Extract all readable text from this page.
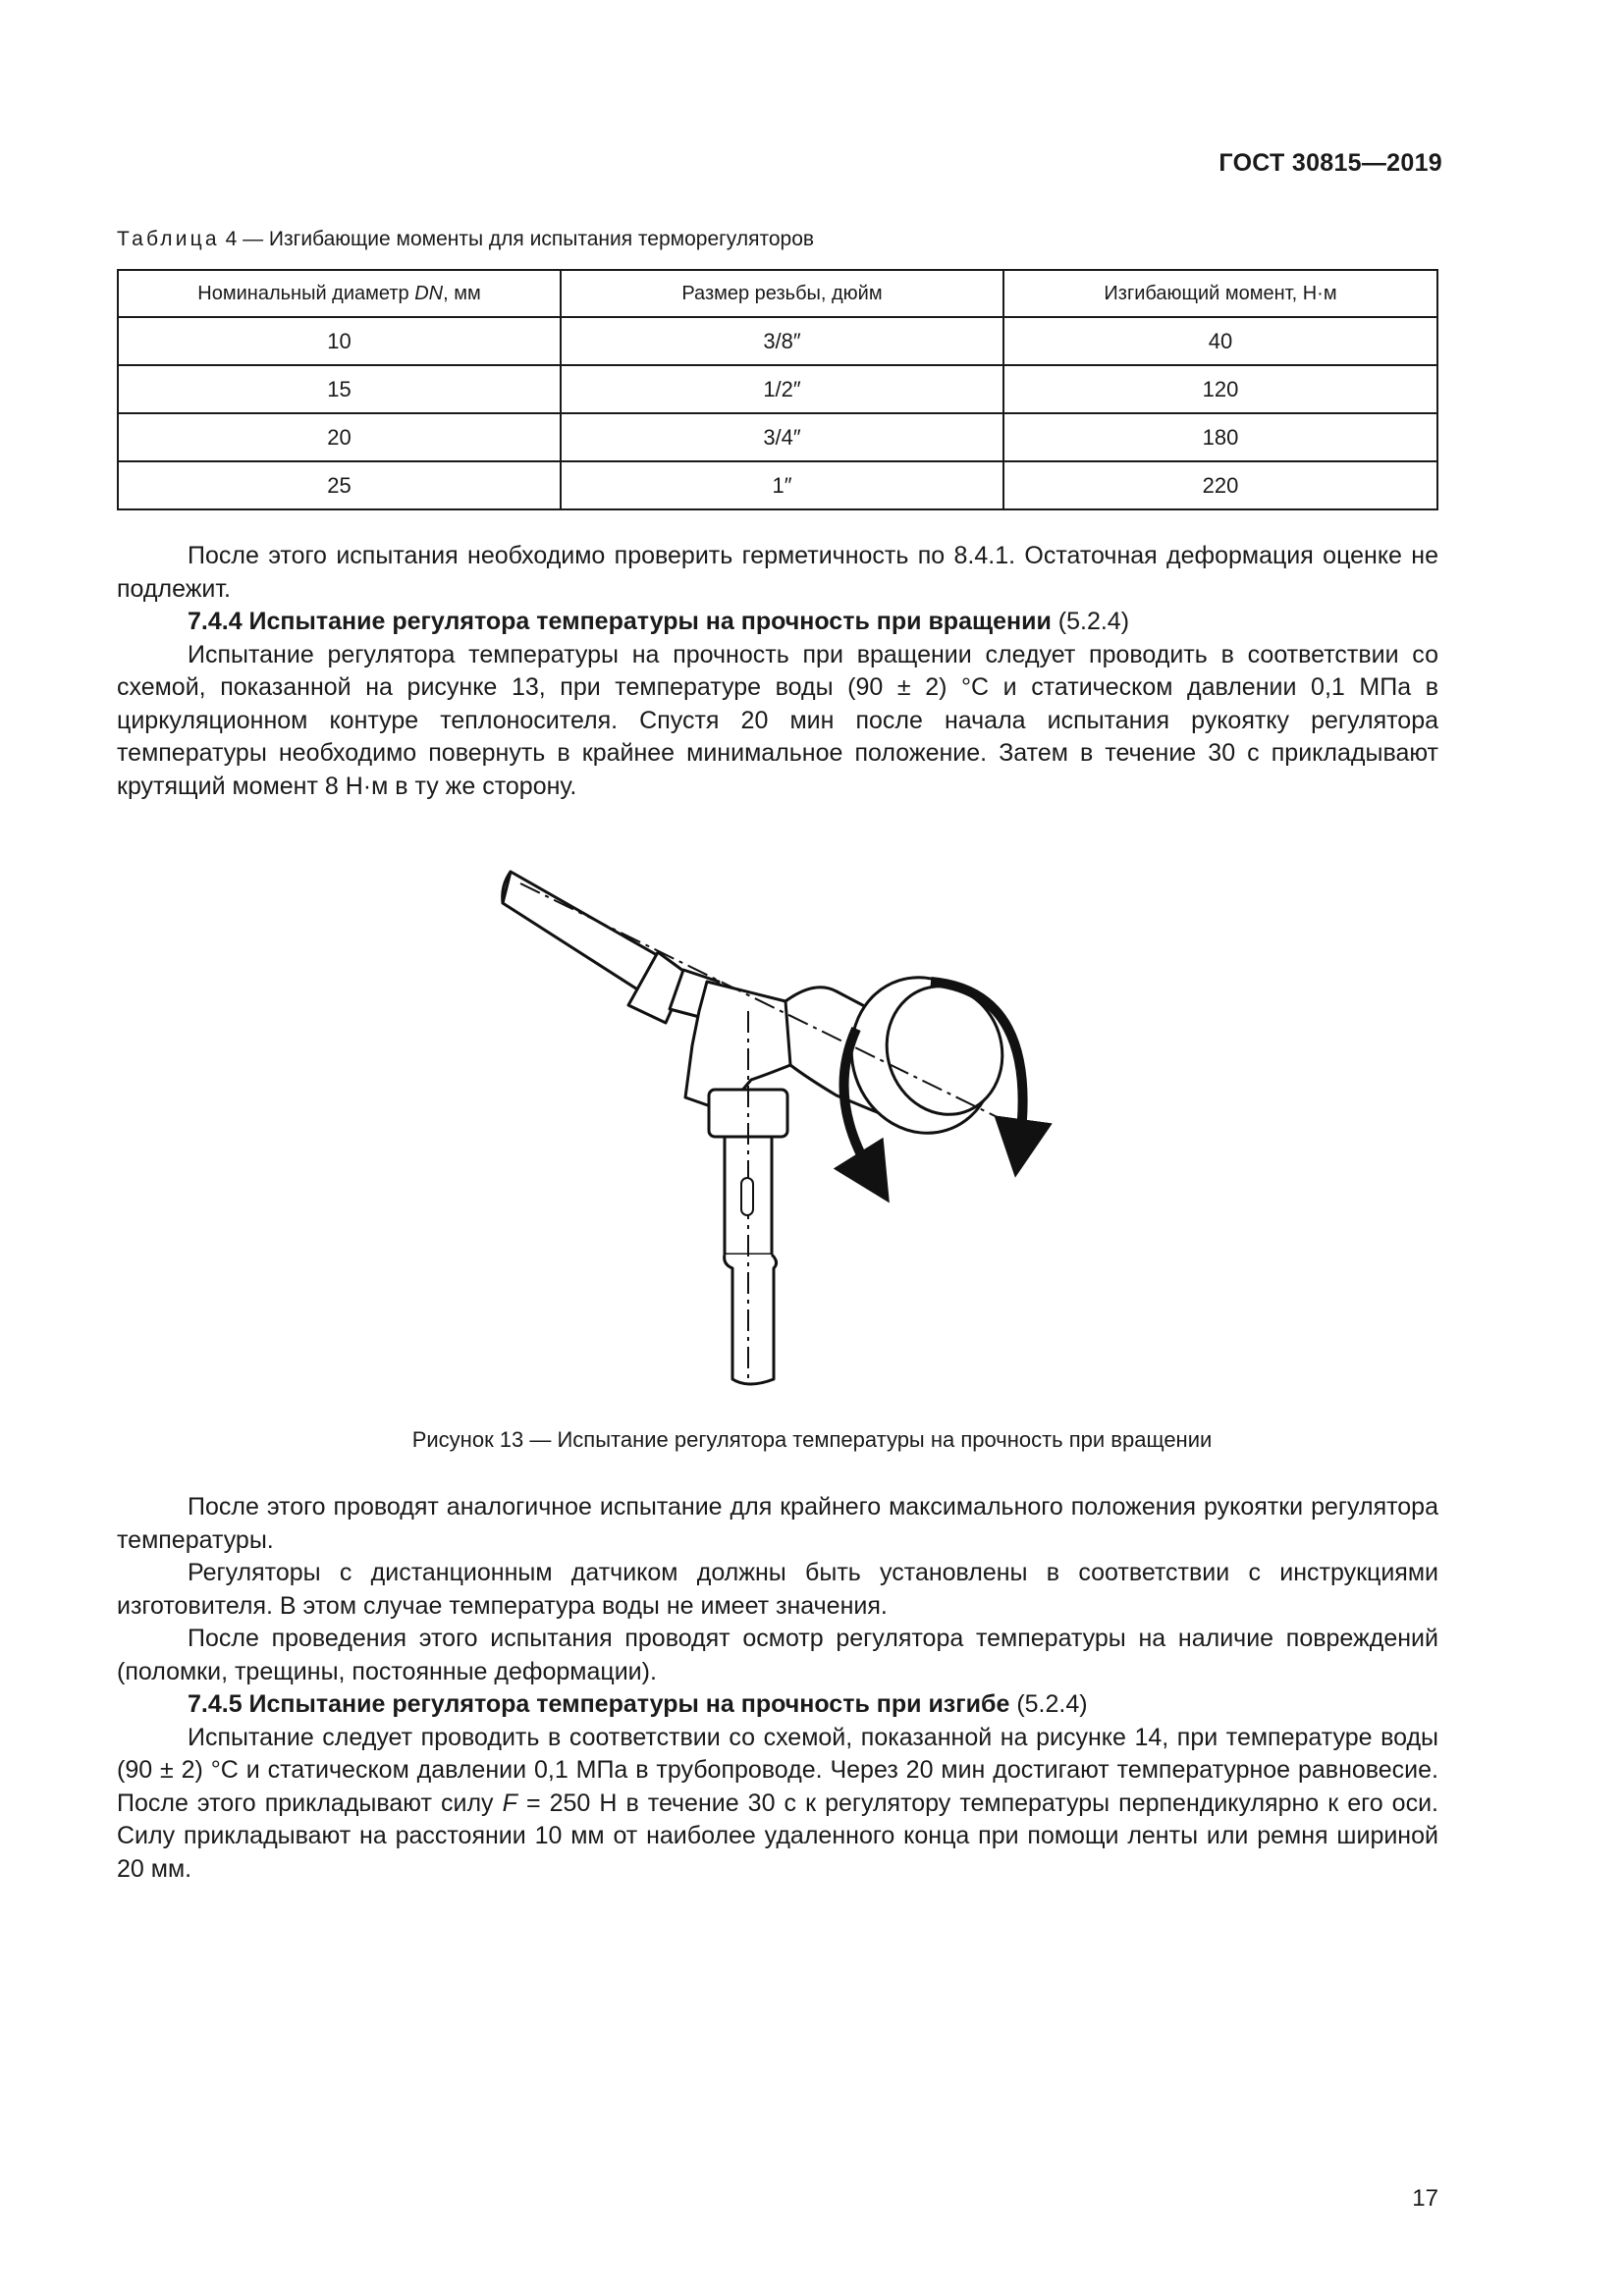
ГОСТ 30815—2019
Таблица 4 — Изгибающие моменты для испытания терморегуляторов
Номинальный диаметр DN, мм	Размер резьбы, дюйм	Изгибающий момент, Н·м
10	3/8″	40
15	1/2″	120
20	3/4″	180
25	1″	220

После этого испытания необходимо проверить герметичность по 8.4.1. Остаточная деформация оценке не подлежит.

7.4.4 Испытание регулятора температуры на прочность при вращении (5.2.4)

Испытание регулятора температуры на прочность при вращении следует проводить в соответствии со схемой, показанной на рисунке 13, при температуре воды (90 ± 2) °С и статическом давлении 0,1 МПа в циркуляционном контуре теплоносителя. Спустя 20 мин после начала испытания рукоятку регулятора температуры необходимо повернуть в крайнее минимальное положение. Затем в течение 30 с прикладывают крутящий момент 8 Н·м в ту же сторону.

Рисунок 13 — Испытание регулятора температуры на прочность при вращении

После этого проводят аналогичное испытание для крайнего максимального положения рукоятки регулятора температуры.

Регуляторы с дистанционным датчиком должны быть установлены в соответствии с инструкциями изготовителя. В этом случае температура воды не имеет значения.

После проведения этого испытания проводят осмотр регулятора температуры на наличие повреждений (поломки, трещины, постоянные деформации).

7.4.5 Испытание регулятора температуры на прочность при изгибе (5.2.4)

Испытание следует проводить в соответствии со схемой, показанной на рисунке 14, при температуре воды (90 ± 2) °С и статическом давлении 0,1 МПа в трубопроводе. Через 20 мин достигают температурное равновесие. После этого прикладывают силу F = 250 Н в течение 30 с к регулятору температуры перпендикулярно к его оси. Силу прикладывают на расстоянии 10 мм от наиболее удаленного конца при помощи ленты или ремня шириной 20 мм.

17
